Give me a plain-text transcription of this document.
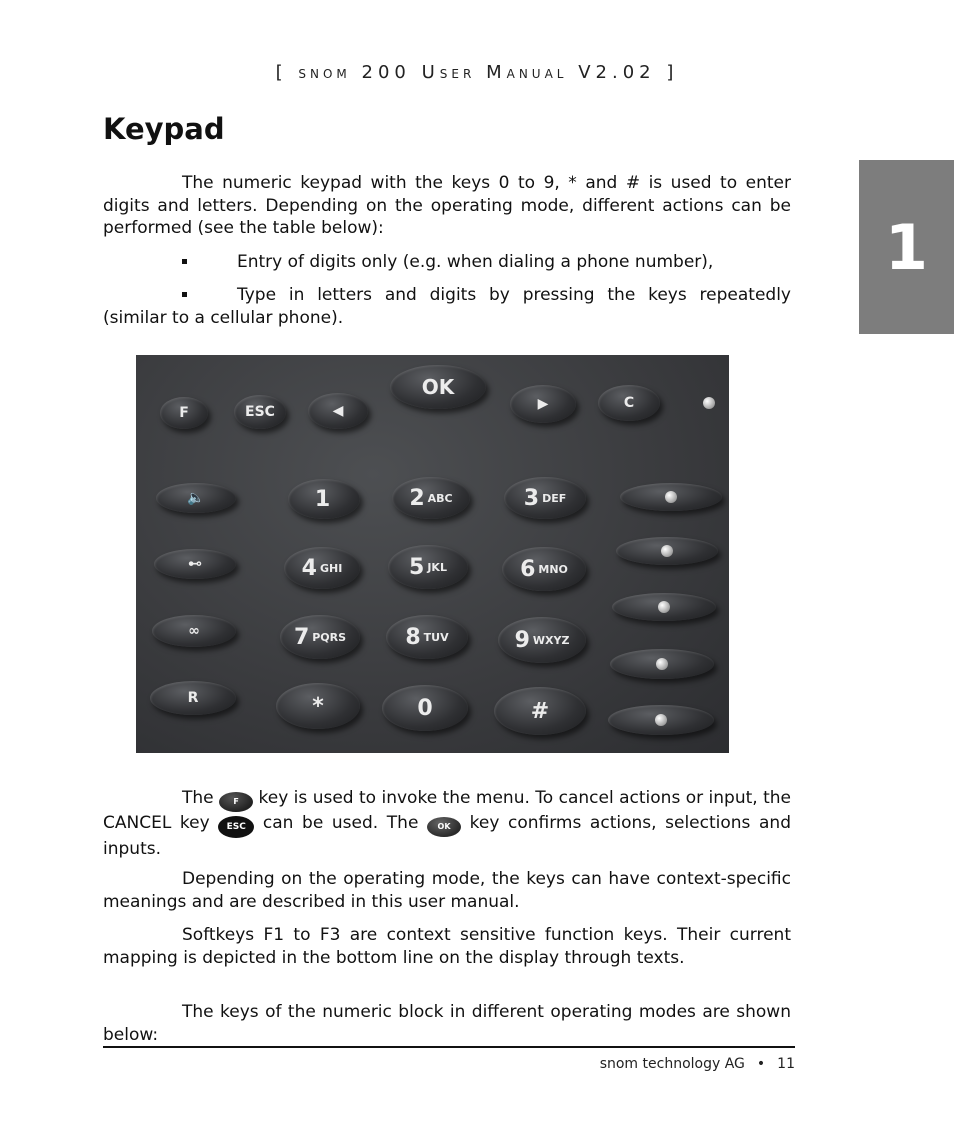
[ SNOM 200 USER MANUAL V2.02 ]
Keypad
1

The numeric keypad with the keys 0 to 9, * and # is used to enter digits and letters. Depending on the operating mode, different actions can be performed (see the table below):

Entry of digits only (e.g. when dialing a phone number),

Type in letters and digits by pressing the keys repeatedly (similar to a cellular phone).

F	ESC	◀
OK
▶	C
🔈
⊷
∞
R
1	2 ABC	3 DEF
4 GHI	5 JKL	6 MNO
7 PQRS	8 TUV	9 WXYZ
*	0	#

The F key is used to invoke the menu. To cancel actions or input, the CANCEL key ESC can be used. The OK key confirms actions, selections and inputs.

Depending on the operating mode, the keys can have context-specific meanings and are described in this user manual.

Softkeys F1 to F3 are context sensitive function keys. Their current mapping is depicted in the bottom line on the display through texts.

The keys of the numeric block in different operating modes are shown below:

snom technology AG • 11
